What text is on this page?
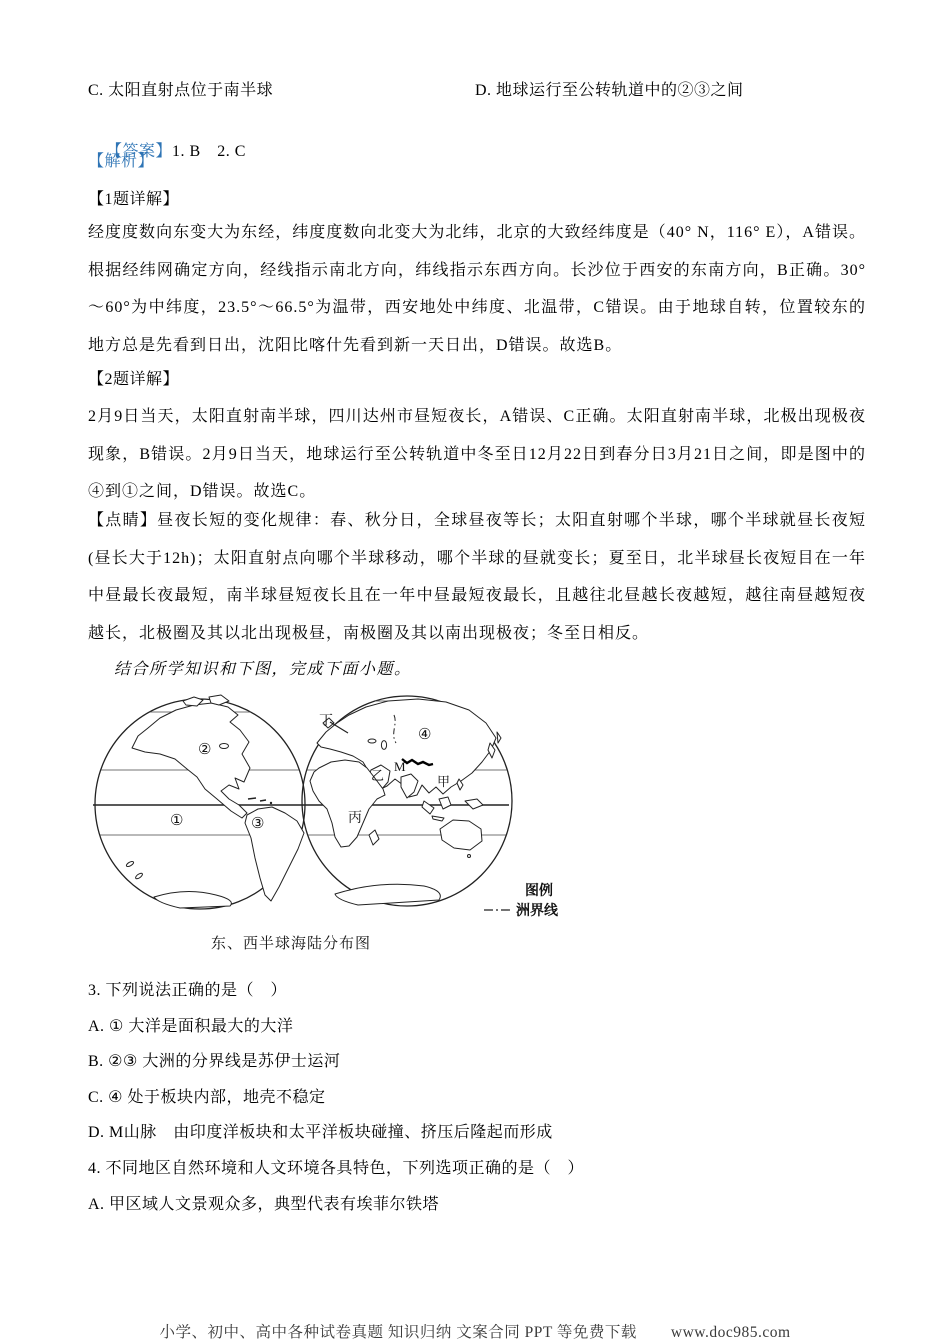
C. 太阳直射点位于南半球	D. 地球运行至公转轨道中的②③之间

【答案】1. B　2. C

【解析】
【1题详解】
经度度数向东变大为东经，纬度度数向北变大为北纬，北京的大致经纬度是（40° N，116° E），A错误。根据经纬网确定方向，经线指示南北方向，纬线指示东西方向。长沙位于西安的东南方向，B正确。30°～60°为中纬度，23.5°～66.5°为温带，西安地处中纬度、北温带，C错误。由于地球自转，位置较东的地方总是先看到日出，沈阳比喀什先看到新一天日出，D错误。故选B。
【2题详解】
2月9日当天，太阳直射南半球，四川达州市昼短夜长，A错误、C正确。太阳直射南半球，北极出现极夜现象，B错误。2月9日当天，地球运行至公转轨道中冬至日12月22日到春分日3月21日之间，即是图中的④到①之间，D错误。故选C。
【点睛】昼夜长短的变化规律：春、秋分日，全球昼夜等长；太阳直射哪个半球，哪个半球就昼长夜短(昼长大于12h)；太阳直射点向哪个半球移动，哪个半球的昼就变长；夏至日，北半球昼长夜短目在一年中昼最长夜最短，南半球昼短夜长且在一年中昼最短夜最长，且越往北昼越长夜越短，越往南昼越短夜越长，北极圈及其以北出现极昼，南极圈及其以南出现极夜；冬至日相反。
结合所学知识和下图，完成下面小题。
①
②
③
④
丁
M
乙	甲
丙
图例
洲界线
东、西半球海陆分布图
3. 下列说法正确的是（　）
A. ① 大洋是面积最大的大洋
B. ②③ 大洲的分界线是苏伊士运河
C. ④ 处于板块内部，地壳不稳定
D. M山脉　由印度洋板块和太平洋板块碰撞、挤压后隆起而形成
4. 不同地区自然环境和人文环境各具特色，下列选项正确的是（　）
A. 甲区域人文景观众多，典型代表有埃菲尔铁塔
小学、初中、高中各种试卷真题 知识归纳 文案合同 PPT 等免费下载 www.doc985.com
